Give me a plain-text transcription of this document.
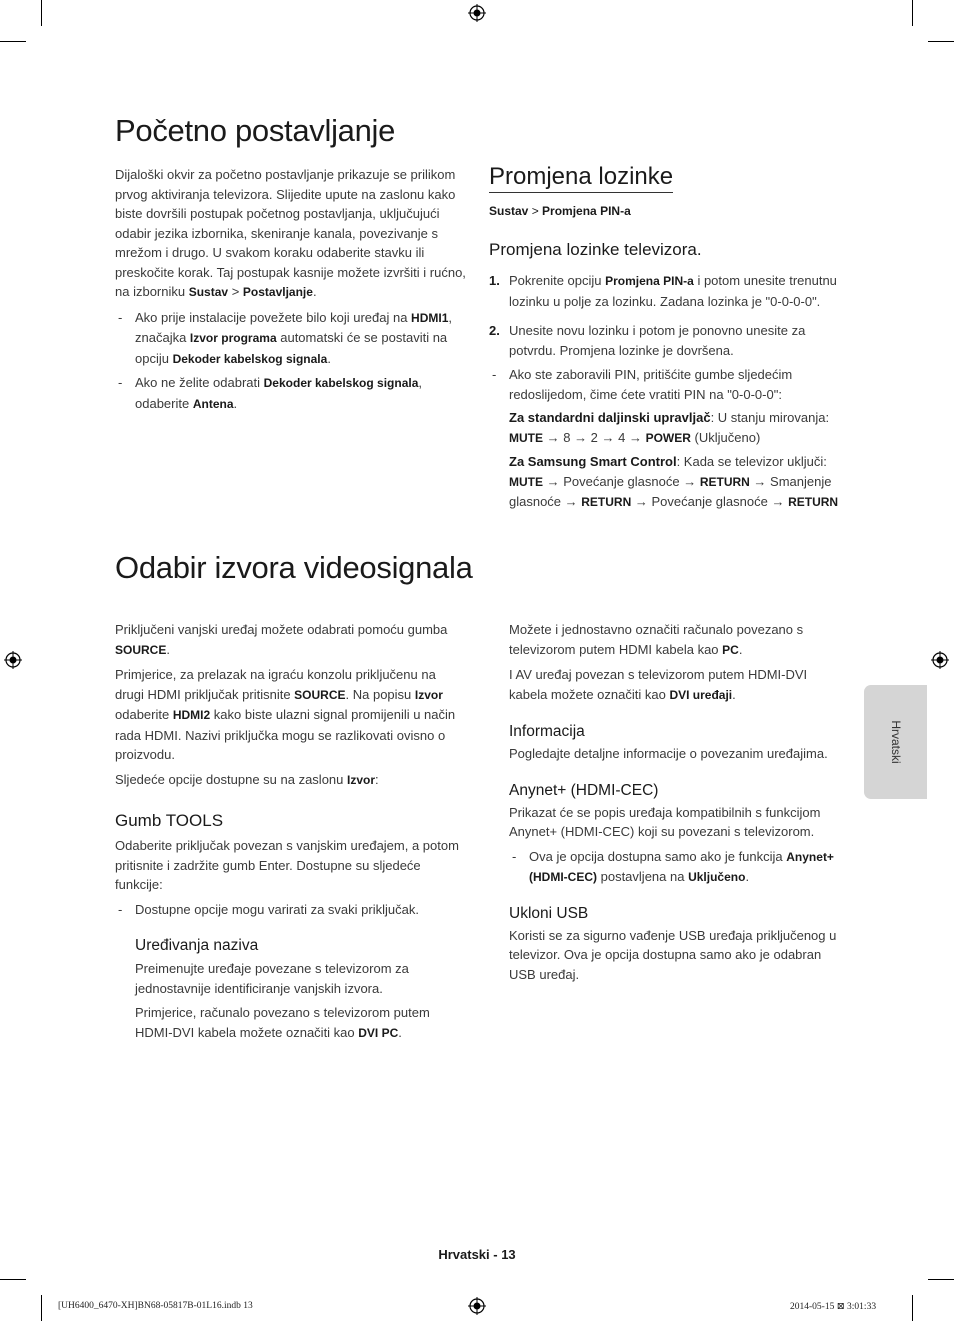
Početno postavljanje

Dijaloški okvir za početno postavljanje prikazuje se prilikom prvog aktiviranja televizora. Slijedite upute na zaslonu kako biste dovršili postupak početnog postavljanja, uključujući odabir jezika izbornika, skeniranje kanala, povezivanje s mrežom i drugo. U svakom koraku odaberite stavku ili preskočite korak. Taj postupak kasnije možete izvršiti i rućno, na izborniku Sustav > Postavljanje.

- Ako prije instalacije povežete bilo koji uređaj na HDMI1, značajka Izvor programa automatski će se postaviti na opciju Dekoder kabelskog signala.

- Ako ne želite odabrati Dekoder kabelskog signala, odaberite Antena.

Promjena lozinke
Sustav > Promjena PIN-a
Promjena lozinke televizora.

1. Pokrenite opciju Promjena PIN-a i potom unesite trenutnu lozinku u polje za lozinku. Zadana lozinka je "0-0-0-0".

2. Unesite novu lozinku i potom je ponovno unesite za potvrdu. Promjena lozinke je dovršena.

- Ako ste zaboravili PIN, pritišćite gumbe sljedećim redoslijedom, čime ćete vratiti PIN na "0-0-0-0":

Za standardni daljinski upravljač: U stanju mirovanja:
MUTE → 8 → 2 → 4 → POWER (Uključeno)

Za Samsung Smart Control: Kada se televizor uključi:
MUTE → Povećanje glasnoće → RETURN → Smanjenje glasnoće → RETURN → Povećanje glasnoće → RETURN

Odabir izvora videosignala

Priključeni vanjski uređaj možete odabrati pomoću gumba SOURCE.

Primjerice, za prelazak na igraću konzolu priključenu na drugi HDMI priključak pritisnite SOURCE. Na popisu Izvor odaberite HDMI2 kako biste ulazni signal promijenili u način rada HDMI. Nazivi priključka mogu se razlikovati ovisno o proizvodu.

Sljedeće opcije dostupne su na zaslonu Izvor:

Gumb TOOLS

Odaberite priključak povezan s vanjskim uređajem, a potom pritisnite i zadržite gumb Enter. Dostupne su sljedeće funkcije:

- Dostupne opcije mogu varirati za svaki priključak.

Uređivanja naziva

Preimenujte uređaje povezane s televizorom za jednostavnije identificiranje vanjskih izvora.

Primjerice, računalo povezano s televizorom putem HDMI-DVI kabela možete označiti kao DVI PC.

Možete i jednostavno označiti računalo povezano s televizorom putem HDMI kabela kao PC.

I AV uređaj povezan s televizorom putem HDMI-DVI kabela možete označiti kao DVI uređaji.

Informacija

Pogledajte detaljne informacije o povezanim uređajima.

Anynet+ (HDMI-CEC)

Prikazat će se popis uređaja kompatibilnih s funkcijom Anynet+ (HDMI-CEC) koji su povezani s televizorom.

- Ova je opcija dostupna samo ako je funkcija Anynet+ (HDMI-CEC) postavljena na Uključeno.

Ukloni USB

Koristi se za sigurno vađenje USB uređaja priključenog u televizor. Ova je opcija dostupna samo ako je odabran USB uređaj.

Hrvatski
Hrvatski - 13
[UH6400_6470-XH]BN68-05817B-01L16.indb 13	2014-05-15 ⊠ 3:01:33
